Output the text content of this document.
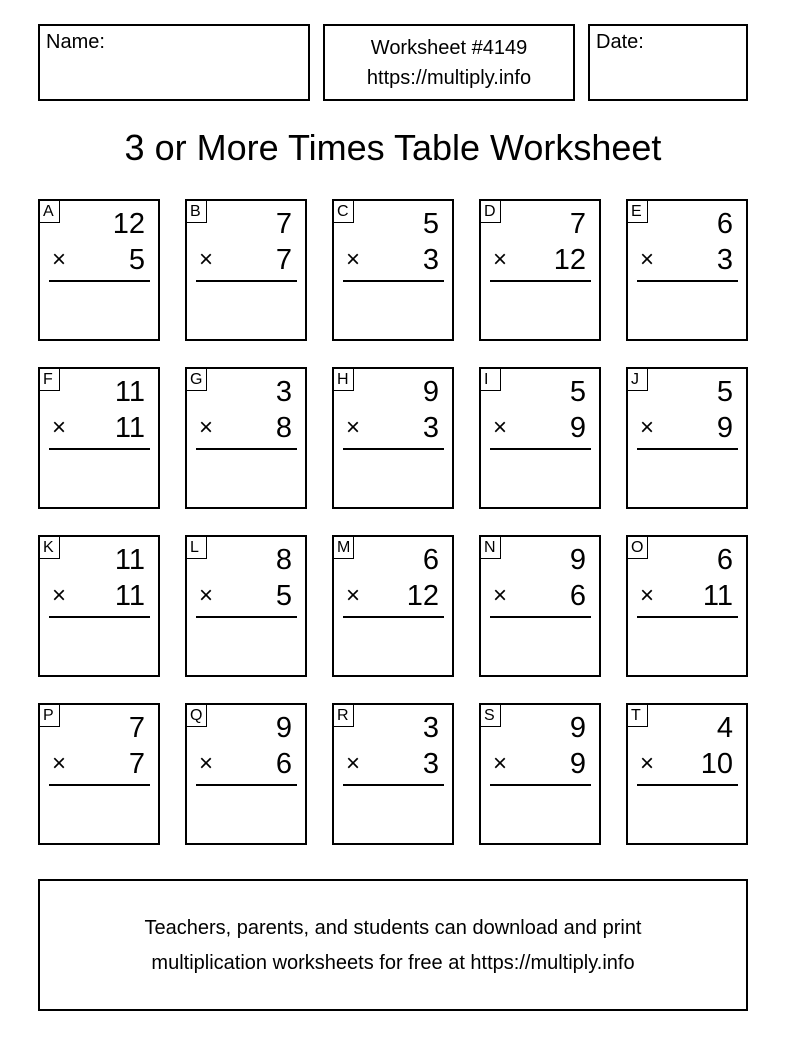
Name:	Worksheet #4149
https://multiply.info
Date:
3 or More Times Table Worksheet
A 12
× 5
B	7
× 7
C	5
× 3
D	7
× 12
E	6
× 3
F 11
× 11
G	3
× 8
H	9
× 3
I	5
× 9
J	5
× 9
K 11
× 11
L	8
× 5
M	6
× 12
N	9
× 6
O	6
× 11
P	7
× 7
Q	9
× 6
R	3
× 3
S	9
× 9
T	4
× 10
Teachers, parents, and students can download and print
multiplication worksheets for free at https://multiply.info
